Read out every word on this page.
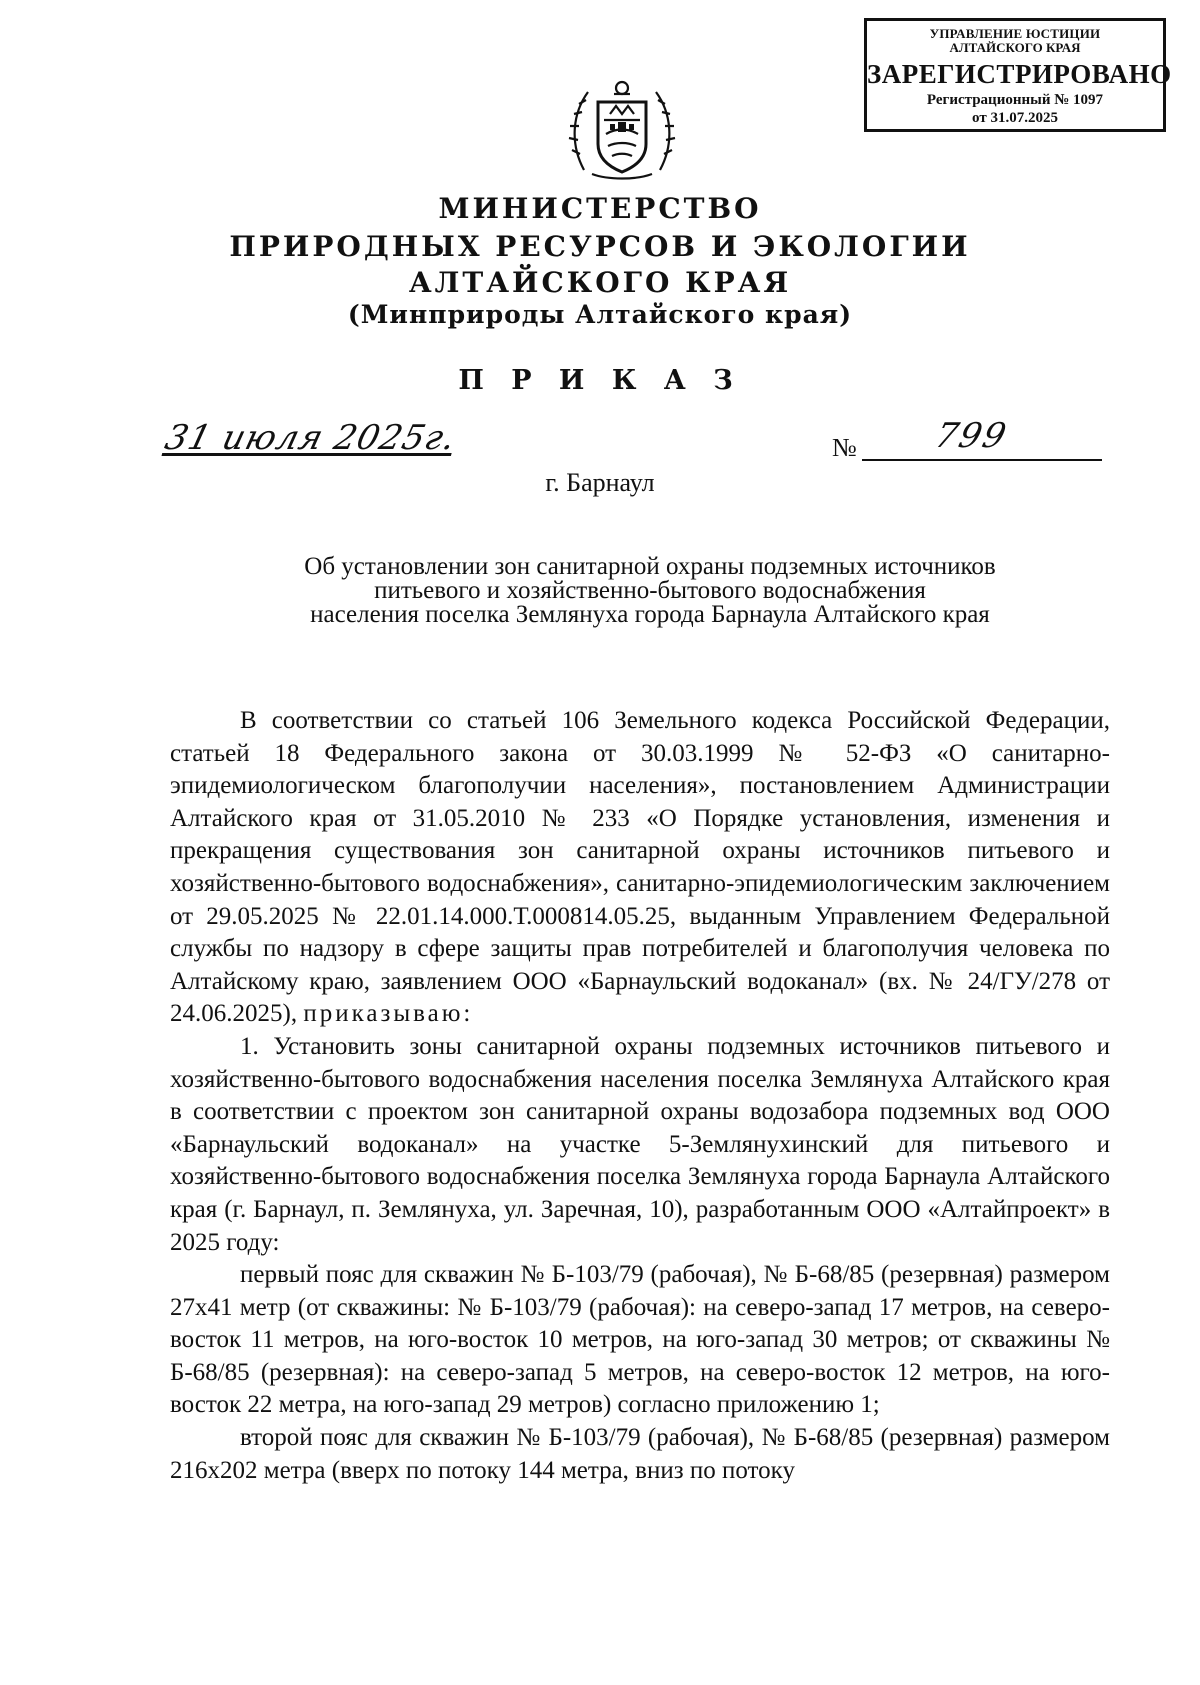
УПРАВЛЕНИЕ ЮСТИЦИИ
АЛТАЙСКОГО КРАЯ
ЗАРЕГИСТРИРОВАНО
Регистрационный № 1097
от 31.07.2025
МИНИСТЕРСТВО
ПРИРОДНЫХ РЕСУРСОВ И ЭКОЛОГИИ
АЛТАЙСКОГО КРАЯ
(Минприроды Алтайского края)
П Р И К А З
31 июля 2025г.	№ 799
г. Барнаул
Об установлении зон санитарной охраны подземных источников
питьевого и хозяйственно-бытового водоснабжения
населения поселка Землянуха города Барнаула Алтайского края

В соответствии со статьей 106 Земельного кодекса Российской Федерации, статьей 18 Федерального закона от 30.03.1999 № 52-ФЗ «О санитарно-эпидемиологическом благополучии населения», постановлением Администрации Алтайского края от 31.05.2010 № 233 «О Порядке установления, изменения и прекращения существования зон санитарной охраны источников питьевого и хозяйственно-бытового водоснабжения», санитарно-эпидемиологическим заключением от 29.05.2025 № 22.01.14.000.Т.000814.05.25, выданным Управлением Федеральной службы по надзору в сфере защиты прав потребителей и благополучия человека по Алтайскому краю, заявлением ООО «Барнаульский водоканал» (вх. № 24/ГУ/278 от 24.06.2025), приказываю:

1. Установить зоны санитарной охраны подземных источников питьевого и хозяйственно-бытового водоснабжения населения поселка Землянуха Алтайского края в соответствии с проектом зон санитарной охраны водозабора подземных вод ООО «Барнаульский водоканал» на участке 5-Землянухинский для питьевого и хозяйственно-бытового водоснабжения поселка Землянуха города Барнаула Алтайского края (г. Барнаул, п. Землянуха, ул. Заречная, 10), разработанным ООО «Алтайпроект» в 2025 году:

первый пояс для скважин № Б-103/79 (рабочая), № Б-68/85 (резервная) размером 27х41 метр (от скважины: № Б-103/79 (рабочая): на северо-запад 17 метров, на северо-восток 11 метров, на юго-восток 10 метров, на юго-запад 30 метров; от скважины № Б-68/85 (резервная): на северо-запад 5 метров, на северо-восток 12 метров, на юго-восток 22 метра, на юго-запад 29 метров) согласно приложению 1;

второй пояс для скважин № Б-103/79 (рабочая), № Б-68/85 (резервная) размером 216х202 метра (вверх по потоку 144 метра, вниз по потоку
